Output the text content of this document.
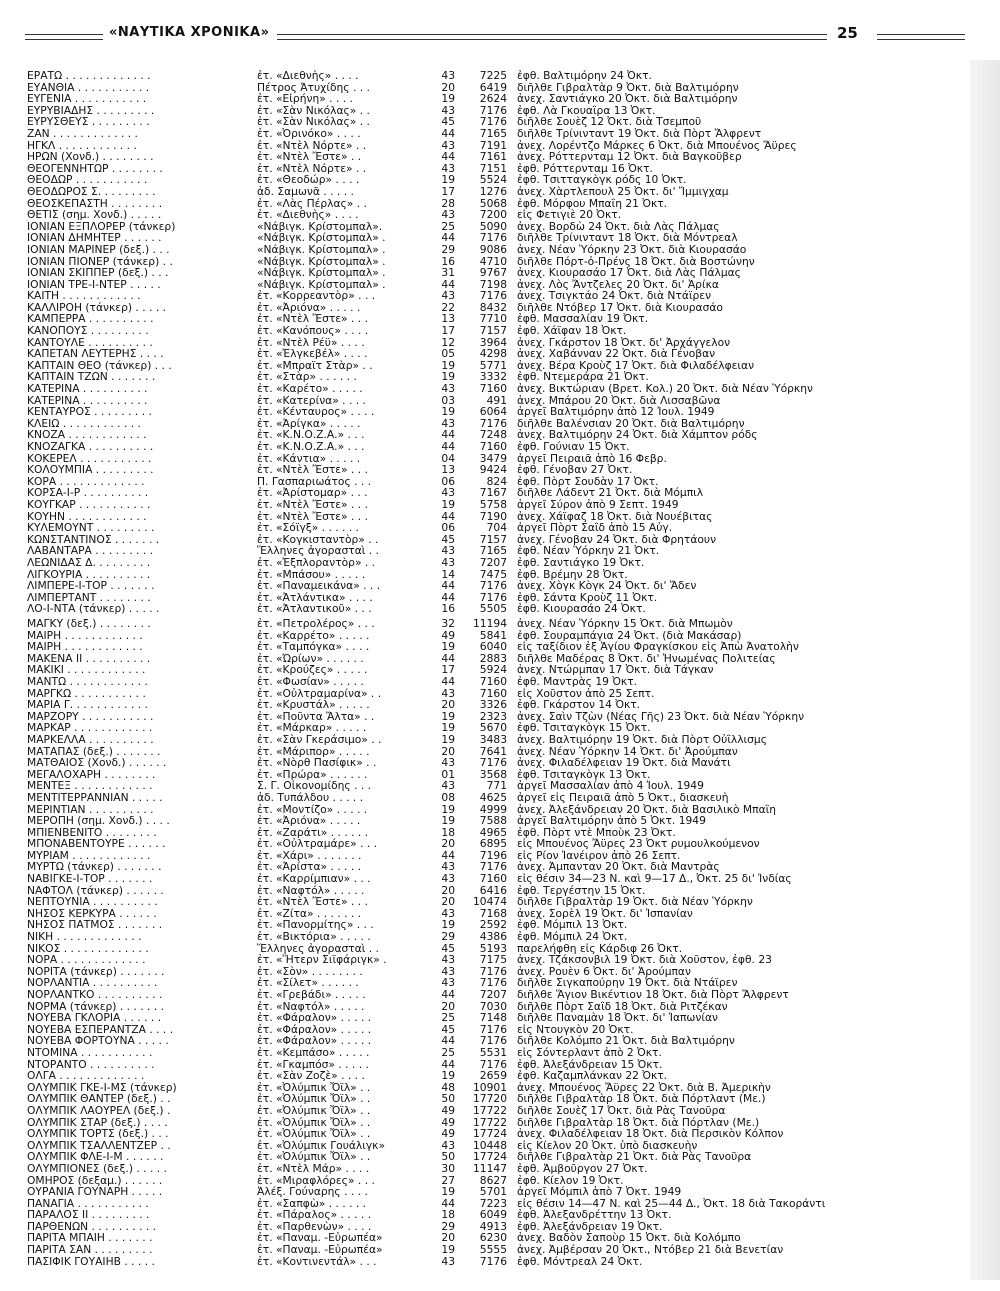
«ΝΑΥΤΙΚΑ ΧΡΟΝΙΚΑ»	25
ΕΡΑΤΩ . . . . . . . . . . . . .	ἐτ. «Διεθνὴς» . . . .	43	7225 ἐφθ. Βαλτιμόρην 24 Ὀκτ.
ΕΥΑΝΘΙΑ . . . . . . . . . . .	Πέτρος Ἀτυχίδης . . .	20	6419 διῆλθε Γιβραλτὰρ 9 Ὀκτ. διὰ Βαλτιμόρην
ΕΥΓΕΝΙΑ . . . . . . . . . . .	ἐτ. «Εἰρήνη» . . . .	19	2624 ἀνεχ. Σαντιάγκο 20 Ὀκτ. διὰ Βαλτιμόρην
ΕΥΡΥΒΙΑΔΗΣ . . . . . . . . .	ἐτ. «Σὰν Νικόλας» . .	43	7176 ἐφθ. Λὰ Γκουαΐρα 13 Ὀκτ.
ΕΥΡΥΣΘΕΥΣ . . . . . . . . .	ἐτ. «Σὰν Νικόλας» . .	45	7176 διῆλθε Σουὲζ 12 Ὀκτ. διὰ Τσεμποῦ
ΖΑΝ . . . . . . . . . . . . .	ἐτ. «Ὀρινόκο» . . . .	44	7165 διῆλθε Τρίνινταντ 19 Ὀκτ. διὰ Πὸρτ Ἄλφρεντ
ΗΓΚΛ . . . . . . . . . . . .	ἐτ. «Ντὲλ Νόρτε» . .	43	7191 ἀνεχ. Λορέντζο Μάρκες 6 Ὀκτ. διὰ Μπουένος Ἄϋρες
ΗΡΩΝ (Χονδ.) . . . . . . . .	ἐτ. «Ντὲλ Ἔστε» . .	44	7161 ἀνεχ. Ρόττερνταμ 12 Ὀκτ. διὰ Βαγκοῦβερ
ΘΕΟΓΕΝΝΗΤΩΡ . . . . . . . .	ἐτ. «Ντὲλ Νόρτε» . .	43	7151 ἐφθ. Ρόττερνταμ 16 Ὀκτ.
ΘΕΟΔΩΡ . . . . . . . . . . .	ἐτ. «Θεοδώρ» . . . .	19	5524 ἐφθ. Τσιτταγκὸγκ ρόδς 10 Ὀκτ.
ΘΕΟΔΩΡΟΣ Σ. . . . . . . . .	ἀδ. Σαμωνᾶ . . . . .	17	1276 ἀνεχ. Χὰρτλεπουλ 25 Ὀκτ. δι' Ἴμμιγχαμ
ΘΕΟΣΚΕΠΑΣΤΗ . . . . . . . .	ἐτ. «Λὰς Πέρλας» . .	28	5068 ἐφθ. Μόρφου Μπαῒη 21 Ὀκτ.
ΘΕΤΙΣ (σημ. Χονδ.) . . . . .	ἐτ. «Διεθνὴς» . . . .	43	7200 εἰς Φετιγιὲ 20 Ὀκτ.
ΙΟΝΙΑΝ ΕΞΠΛΟΡΕΡ (τάνκερ)	«Νάβιγκ. Κρίστομπαλ».	25	5090 ἀνεχ. Βορδὼ 24 Ὀκτ. διὰ Λὰς Πάλμας
ΙΟΝΙΑΝ ΔΗΜΗΤΕΡ . . . . . .	«Νάβιγκ. Κρίστομπαλ» .	44	7176 διῆλθε Τρίνινταντ 18 Ὀκτ. διὰ Μόντρεαλ
ΙΟΝΙΑΝ ΜΑΡΙΝΕΡ (δεξ.) . . .	«Νάβιγκ. Κρίστομπαλ» .	29	9086 ἀνεχ. Νέαν Ὑόρκην 23 Ὀκτ. διὰ Κιουρασάο
ΙΟΝΙΑΝ ΠΙΟΝΕΡ (τάνκερ) . .	«Νάβιγκ. Κρίστομπαλ» .	16	4710 διῆλθε Πόρτ-ὀ-Πρένς 18 Ὀκτ. διὰ Βοστώνην
ΙΟΝΙΑΝ ΣΚΙΠΠΕΡ (δεξ.) . . .	«Νάβιγκ. Κρίστομπαλ» .	31	9767 ἀνεχ. Κιουρασάο 17 Ὀκτ. διὰ Λὰς Πάλμας
ΙΟΝΙΑΝ ΤΡΕ-Ι-ΝΤΕΡ . . . . .	«Νάβιγκ. Κρίστομπαλ» .	44	7198 ἀνεχ. Λὸς Ἄντζελες 20 Ὀκτ. δι' Ἀρίκα
ΚΑΙΤΗ . . . . . . . . . . . .	ἐτ. «Κορρεαντὸρ» . . .	43	7176 ἀνεχ. Τσιγκτάο 24 Ὀκτ. διὰ Ντάϊρεν
ΚΑΛΛΙΡΟΗ (τάνκερ) . . . . .	ἐτ. «Ἀριόνα» . . . . .	22	8432 διῆλθε Ντόβερ 17 Ὀκτ. διὰ Κιουρασάο
ΚΑΜΠΕΡΡΑ . . . . . . . . . .	ἐτ. «Ντὲλ Ἔστε» . . .	13	7710 ἐφθ. Μασσαλίαν 19 Ὀκτ.
ΚΑΝΟΠΟΥΣ . . . . . . . . .	ἐτ. «Κανόπους» . . . .	17	7157 ἐφθ. Χάϊφαν 18 Ὀκτ.
ΚΑΝΤΟΥΛΕ . . . . . . . . . .	ἐτ. «Ντὲλ Ρέϋ» . . . .	12	3964 ἀνεχ. Γκάρστον 18 Ὀκτ. δι' Ἀρχάγγελον
ΚΑΠΕΤΑΝ ΛΕΥΤΕΡΗΣ . . . .	ἐτ. «Ἐλγκεβέλ» . . . .	05	4298 ἀνεχ. Χαβάνναν 22 Ὀκτ. διὰ Γένοβαν
ΚΑΠΤΑΙΝ ΘΕΟ (τάνκερ) . . .	ἐτ. «Μπραϊτ Στὰρ» . .	19	5771 ἀνεχ. Βέρα Κροὺζ 17 Ὀκτ. διὰ Φιλαδέλφειαν
ΚΑΠΤΑΙΝ ΤΖΩΝ . . . . . . .	ἐτ. «Στὰρ» . . . . . .	19	3332 ἐφθ. Ντεμεράρα 21 Ὀκτ.
ΚΑΤΕΡΙΝΑ . . . . . . . . . .	ἐτ. «Καρέτο» . . . . .	43	7160 ἀνεχ. Βικτώριαν (Βρετ. Κολ.) 20 Ὀκτ. διὰ Νέαν Ὑόρκην
ΚΑΤΕΡΙΝΑ . . . . . . . . . .	ἐτ. «Κατερίνα» . . . .	03	491 ἀνεχ. Μπάρου 20 Ὀκτ. διὰ Λισσαβῶνα
ΚΕΝΤΑΥΡΟΣ . . . . . . . . .	ἐτ. «Κένταυρος» . . . .	19	6064 ἀργεῖ Βαλτιμόρην ἀπὸ 12 Ἰουλ. 1949
ΚΛΕΙΩ . . . . . . . . . . . .	ἐτ. «Ἀρίγκα» . . . . .	43	7176 διῆλθε Βαλένσιαν 20 Ὀκτ. διὰ Βαλτιμόρην
ΚΝΟΖΑ . . . . . . . . . . . .	ἐτ. «Κ.Ν.Ο.Ζ.Α.» . . .	44	7248 ἀνεχ. Βαλτιμόρην 24 Ὀκτ. διὰ Χάμπτον ρόδς
ΚΝΟΖΑΓΚΑ . . . . . . . . . .	ἐτ. «Κ.Ν.Ο.Ζ.Α.» . . .	44	7160 ἐφθ. Γούνιαν 15 Ὀκτ.
ΚΟΚΕΡΕΛ . . . . . . . . . . .	ἐτ. «Κάντια» . . . . .	04	3479 ἀργεῖ Πειραιᾶ ἀπὸ 16 Φεβρ.
ΚΟΛΟΥΜΠΙΑ . . . . . . . . .	ἐτ. «Ντὲλ Ἔστε» . . .	13	9424 ἐφθ. Γένοβαν 27 Ὀκτ.
ΚΟΡΑ . . . . . . . . . . . . .	Π. Γασπαριωάτος . . .	06	824 ἐφθ. Πὸρτ Σουδὰν 17 Ὀκτ.
ΚΟΡΣΑ-Ι-Ρ . . . . . . . . . .	ἐτ. «Ἀρίστομαρ» . . .	43	7167 διῆλθε Λάδεντ 21 Ὀκτ. διὰ Μόμπιλ
ΚΟΥΓΚΑΡ . . . . . . . . . . .	ἐτ. «Ντὲλ Ἔστε» . . .	19	5758 ἀργεῖ Σύρον ἀπὸ 9 Σεπτ. 1949
ΚΟΥΗΝ . . . . . . . . . . . .	ἐτ. «Ντὲλ Ἔστε» . . .	44	7190 ἀνεχ. Χάϊφαζ 18 Ὀκτ. διὰ Νουέβιτας
ΚΥΛΕΜΟΥΝΤ . . . . . . . . .	ἐτ. «Σόϊγξ» . . . . . .	06	704 ἀργεῖ Πὸρτ Σαΐδ ἀπὸ 15 Αὐγ.
ΚΩΝΣΤΑΝΤΙΝΟΣ . . . . . . .	ἐτ. «Κογκισταντὸρ» . .	45	7157 ἀνεχ. Γένοβαν 24 Ὀκτ. διὰ Φρητάουν
ΛΑΒΑΝΤΑΡΑ . . . . . . . . .	Ἕλληνες ἀγορασταὶ . .	43	7165 ἐφθ. Νέαν Ὑόρκην 21 Ὀκτ.
ΛΕΩΝΙΔΑΣ Δ. . . . . . . . .	ἐτ. «Ἐξπλοραντὸρ» . .	43	7207 ἐφθ. Σαντιάγκο 19 Ὀκτ.
ΛΙΓΚΟΥΡΙΑ . . . . . . . . . .	ἐτ. «Μπάσου» . . . . .	14	7475 ἐφθ. Βρέμην 28 Ὀκτ.
ΛΙΜΠΕΡΕ-Ι-ΤΟΡ . . . . . . .	ἐτ. «Παναμεικάνα» . . .	44	7176 ἀνεχ. Χὸγκ Κὸγκ 24 Ὀκτ. δι' Ἄδεν
ΛΙΜΠΕΡΤΑΝΤ . . . . . . . .	ἐτ. «Ἀτλάντικα» . . . .	44	7176 ἐφθ. Σάντα Κροὺζ 11 Ὀκτ.
ΛΟ-Ι-ΝΤΑ (τάνκερ) . . . . .	ἐτ. «Ἀτλαντικοῦ» . . .	16	5505 ἐφθ. Κιουρασάο 24 Ὀκτ.
ΜΑΓΚΥ (δεξ.) . . . . . . . .	ἐτ. «Πετρολέρος» . . .	32	11194 ἀνεχ. Νέαν Ὑόρκην 15 Ὀκτ. διὰ Μπωμὸν
ΜΑΙΡΗ . . . . . . . . . . . .	ἐτ. «Καρρέτο» . . . . .	49	5841 ἐφθ. Σουραμπάγια 24 Ὀκτ. (διὰ Μακάσαρ)
ΜΑΙΡΗ . . . . . . . . . . . .	ἐτ. «Ταμπόγκα» . . . .	19	6040 εἰς ταξίδιον ἐξ Ἁγίου Φραγκίσκου εἰς Ἀπὼ Ἀνατολὴν
ΜΑΚΕΝΑ ΙΙ . . . . . . . . . .	ἐτ. «Ὠρίων» . . . . . .	44	2883 διῆλθε Μαδέρας 8 Ὀκτ. δι' Ἡνωμένας Πολιτείας
ΜΑΚΙΚΙ . . . . . . . . . . . .	ἐτ. «Κρούζες» . . . . .	17	5924 ἀνεχ. Ντώρμπαν 17 Ὀκτ. διὰ Τάγκαν
ΜΑΝΤΩ . . . . . . . . . . . .	ἐτ. «Φωσίαν» . . . . .	44	7160 ἐφθ. Μαντρὰς 19 Ὀκτ.
ΜΑΡΓΚΩ . . . . . . . . . . .	ἐτ. «Οὐλτραμαρίνα» . .	43	7160 εἰς Χοῦστον ἀπὸ 25 Σεπτ.
ΜΑΡΙΑ Γ. . . . . . . . . . . .	ἐτ. «Κρυστάλ» . . . . .	20	3326 ἐφθ. Γκάρστον 14 Ὀκτ.
ΜΑΡΖΟΡΥ . . . . . . . . . . .	ἐτ. «Ποῦντα Ἄλτα» . .	19	2323 ἀνεχ. Σαὶν Τζὼν (Νέας Γῆς) 23 Ὀκτ. διὰ Νέαν Ὑόρκην
ΜΑΡΚΑΡ . . . . . . . . . . . .	ἐτ. «Μάρκαρ» . . . . .	19	5670 ἐφθ. Τσιταγκὸγκ 15 Ὀκτ.
ΜΑΡΚΕΛΛΑ . . . . . . . . . .	ἐτ. «Σὰν Γκεράσιμο» . .	19	3483 ἀνεχ. Βαλτιμόρην 19 Ὀκτ. διὰ Πὸρτ Οὐΐλλισμς
ΜΑΤΑΠΑΣ (δεξ.) . . . . . . .	ἐτ. «Μάριπορ» . . . . .	20	7641 ἀνεχ. Νέαν Ὑόρκην 14 Ὀκτ. δι' Ἀρούμπαν
ΜΑΤΘΑΙΟΣ (Χονδ.) . . . . . .	ἐτ. «Νὸρθ Πασίφικ» . .	43	7176 ἀνεχ. Φιλαδέλφειαν 19 Ὀκτ. διὰ Μανάτι
ΜΕΓΑΛΟΧΑΡΗ . . . . . . . .	ἐτ. «Πρώρα» . . . . . .	01	3568 ἐφθ. Τσιταγκὸγκ 13 Ὀκτ.
ΜΕΝΤΕΞ . . . . . . . . . . . .	Σ. Γ. Οἰκονομίδης . . .	43	771 ἀργεῖ Μασσαλίαν ἀπὸ 4 Ἰουλ. 1949
ΜΕΝΤΙΤΕΡΡΑΝΝΙΑΝ . . . . .	ἀδ. Τυπάλδου . . . . .	08	4625 ἀργεῖ εἰς Πειραιᾶ ἀπὸ 5 Ὀκτ., διασκευὴ
ΜΕΡΙΝΤΙΑΝ . . . . . . . . . .	ἐτ. «Μοντίζο» . . . . .	19	4999 ἀνεχ. Ἀλεξάνδρειαν 20 Ὀκτ. διὰ Βασιλικὸ Μπαΐη
ΜΕΡΟΠΗ (σημ. Χονδ.) . . . .	ἐτ. «Ἀριόνα» . . . . .	19	7588 ἀργεῖ Βαλτιμόρην ἀπὸ 5 Ὀκτ. 1949
ΜΠΙΕΝΒΕΝΙΤΟ . . . . . . . .	ἐτ. «Ζαράτι» . . . . . .	18	4965 ἐφθ. Πὸρτ ντὲ Μποὺκ 23 Ὀκτ.
ΜΠΟΝΑΒΕΝΤΟΥΡΕ . . . . . .	ἐτ. «Οὐλτραμάρε» . . .	20	6895 εἰς Μπουένος Ἄϋρες 23 Ὀκτ ρυμουλκούμενον
ΜΥΡΙΑΜ . . . . . . . . . . . .	ἐτ. «Χάρι» . . . . . . .	44	7196 εἰς Ρίον Ἰανέιρον ἀπὸ 26 Σεπτ.
ΜΥΡΤΩ (τάνκερ) . . . . . . .	ἐτ. «Ἀρίστα» . . . . .	43	7176 ἀνεχ. Ἀμπανταν 20 Ὀκτ. διὰ Μαντρὰς
ΝΑΒΙΓΚΕ-Ι-ΤΟΡ . . . . . . .	ἐτ. «Καρρίμπιαν» . . .	43	7160 εἰς θέσιν 34—23 Ν. καὶ 9—17 Δ., Ὀκτ. 25 δι' Ἰνδίας
ΝΑΦΤΟΛ (τάνκερ) . . . . . .	ἐτ. «Ναφτόλ» . . . . .	20	6416 ἐφθ. Τεργέστην 15 Ὀκτ.
ΝΕΠΤΟΥΝΙΑ . . . . . . . . . .	ἐτ. «Ντὲλ Ἔστε» . . .	20	10474 διῆλθε Γιβραλτὰρ 19 Ὀκτ. διὰ Νέαν Ὑόρκην
ΝΗΣΟΣ ΚΕΡΚΥΡΑ . . . . . .	ἐτ. «Ζίτα» . . . . . . .	43	7168 ἀνεχ. Σορὲλ 19 Ὀκτ. δι' Ἰσπανίαν
ΝΗΣΟΣ ΠΑΤΜΟΣ . . . . . . .	ἐτ. «Πανορμίτης» . . .	19	2592 ἐφθ. Μόμπιλ 13 Ὀκτ.
ΝΙΚΗ . . . . . . . . . . . . .	ἐτ. «Βικτόρια» . . . . .	29	4386 ἐφθ. Μόμπιλ 24 Ὀκτ.
ΝΙΚΟΣ . . . . . . . . . . . . .	Ἕλληνες ἀγορασταὶ . .	45	5193 παρελήφθη εἰς Κάρδιφ 26 Ὀκτ.
ΝΟΡΑ . . . . . . . . . . . . .	ἐτ. «Ἥτερν Σιϊφάριγκ» .	43	7175 ἀνεχ. Τζάκσονβιλ 19 Ὀκτ. διὰ Χοῦστον, ἐφθ. 23
ΝΟΡΙΤΑ (τάνκερ) . . . . . . .	ἐτ. «Σὸν» . . . . . . . .	43	7176 ἀνεχ. Ρουὲν 6 Ὀκτ. δι' Ἀρούμπαν
ΝΟΡΛΑΝΤΙΑ . . . . . . . . . .	ἐτ. «Σίλετ» . . . . . .	43	7176 διῆλθε Σιγκαπούρην 19 Ὀκτ. διὰ Ντάϊρεν
ΝΟΡΛΑΝΤΚΟ . . . . . . . . . .	ἐτ. «Γρεβάδι» . . . . .	44	7207 διῆλθε Ἅγιον Βικέντιον 18 Ὀκτ. διὰ Πὸρτ Ἄλφρεντ
ΝΟΡΜΑ (τάνκερ) . . . . . . .	ἐτ. «Ναφτόλ» . . . . .	20	7030 διῆλθε Πὸρτ Σαΐδ 18 Ὀκτ. διὰ Ριτζέκαν
ΝΟΥΕΒΑ ΓΚΛΟΡΙΑ . . . . . .	ἐτ. «Φάραλον» . . . . .	25	7148 διῆλθε Παναμὰν 18 Ὀκτ. δι' Ἰαπωνίαν
ΝΟΥΕΒΑ ΕΣΠΕΡΑΝΤΖΑ . . . .	ἐτ. «Φάραλον» . . . . .	45	7176 εἰς Ντουγκὸν 20 Ὀκτ.
ΝΟΥΕΒΑ ΦΟΡΤΟΥΝΑ . . . . .	ἐτ. «Φάραλον» . . . . .	44	7176 διῆλθε Κολόμπο 21 Ὀκτ. διὰ Βαλτιμόρην
ΝΤΟΜΙΝΑ . . . . . . . . . . .	ἐτ. «Κεμπάσο» . . . . .	25	5531 εἰς Σόντερλαντ ἀπὸ 2 Ὀκτ.
ΝΤΟΡΑΝΤΟ . . . . . . . . . .	ἐτ. «Γκαμπόσ» . . . . .	44	7176 ἐφθ. Ἀλεξάνδρειαν 15 Ὀκτ.
ΟΛΓΑ . . . . . . . . . . . . .	ἐτ. «Σὰν Ζοζὲ» . . . .	19	2659 ἐφθ. Καζαμπλάνκαν 22 Ὀκτ.
ΟΛΥΜΠΙΚ ΓΚΕ-Ι-ΜΣ (τάνκερ)	ἐτ. «Ὀλύμπικ Ὄϊλ» . .	48	10901 ἀνεχ. Μπουένος Ἄϋρες 22 Ὀκτ. διὰ Β. Ἀμερικὴν
ΟΛΥΜΠΙΚ ΘΑΝΤΕΡ (δεξ.) . .	ἐτ. «Ὀλύμπικ Ὄϊλ» . .	50	17720 διῆλθε Γιβραλτὰρ 18 Ὀκτ. διὰ Πόρτλαντ (Με.)
ΟΛΥΜΠΙΚ ΛΑΟΥΡΕΛ (δεξ.) .	ἐτ. «Ὀλύμπικ Ὄϊλ» . .	49	17722 διῆλθε Σουὲζ 17 Ὀκτ. διὰ Ρὰς Τανοῦρα
ΟΛΥΜΠΙΚ ΣΤΑΡ (δεξ.) . . . .	ἐτ. «Ὀλύμπικ Ὄϊλ» . .	49	17722 διῆλθε Γιβραλτὰρ 18 Ὀκτ. διὰ Πόρτλαν (Με.)
ΟΛΥΜΠΙΚ ΤΟΡΤΣ (δεξ.) . . .	ἐτ. «Ὀλύμπικ Ὄϊλ» . .	49	17724 ἀνεχ. Φιλαδέλφειαν 18 Ὀκτ. διὰ Περσικὸν Κόλπον
ΟΛΥΜΠΙΚ ΤΣΑΛΛΕΝΤΖΕΡ . .	ἐτ. «Ὀλύμπικ Γουάλιγκ»	43	10448 εἰς Κίελον 20 Ὀκτ. ὑπὸ διασκευὴν
ΟΛΥΜΠΙΚ ΦΛΕ-Ι-Μ . . . . . .	ἐτ. «Ὀλύμπικ Ὄϊλ» . .	50	17724 διῆλθε Γιβραλτὰρ 21 Ὀκτ. διὰ Ρὰς Τανοῦρα
ΟΛΥΜΠΙΟΝΕΣ (δεξ.) . . . . .	ἐτ. «Ντὲλ Μάρ» . . . .	30	11147 ἐφθ. Ἀμβοῦργον 27 Ὀκτ.
ΟΜΗΡΟΣ (δεξαμ.) . . . . . .	ἐτ. «Μιραφλόρες» . . .	27	8627 ἐφθ. Κίελον 19 Ὀκτ.
ΟΥΡΑΝΙΑ ΓΟΥΝΑΡΗ . . . . .	Ἀλέξ. Γούναρης . . . .	19	5701 ἀργεῖ Μόμπιλ ἀπὸ 7 Ὀκτ. 1949
ΠΑΝΑΓΙΑ . . . . . . . . . . .	ἐτ. «Σαπφὼ» . . . . . .	44	7223 εἰς θέσιν 14—47 Ν. καὶ 25—44 Δ., Ὀκτ. 18 διὰ Τακοράντι
ΠΑΡΑΛΟΣ ΙΙ . . . . . . . . .	ἐτ. «Πάραλος» . . . . .	18	6049 ἐφθ. Ἀλεξανδρέττην 13 Ὀκτ.
ΠΑΡΘΕΝΩΝ . . . . . . . . . .	ἐτ. «Παρθενὼν» . . . .	29	4913 ἐφθ. Ἀλεξάνδρειαν 19 Ὀκτ.
ΠΑΡΙΤΑ ΜΠΑΙΗ . . . . . . .	ἐτ. «Παναμ. -Εὐρωπέα»	20	6230 ἀνεχ. Βαδὸν Σαποὺρ 15 Ὀκτ. διὰ Κολόμπο
ΠΑΡΙΤΑ ΣΑΝ . . . . . . . . .	ἐτ. «Παναμ. -Εὐρωπέα»	19	5555 ἀνεχ. Ἀμβέρσαν 20 Ὀκτ., Ντόβερ 21 διὰ Βενετίαν
ΠΑΣΙΦΙΚ ΓΟΥΑΙΗΒ . . . . .	ἐτ. «Κοντινεντάλ» . . .	43	7176 ἐφθ. Μόντρεαλ 24 Ὀκτ.
